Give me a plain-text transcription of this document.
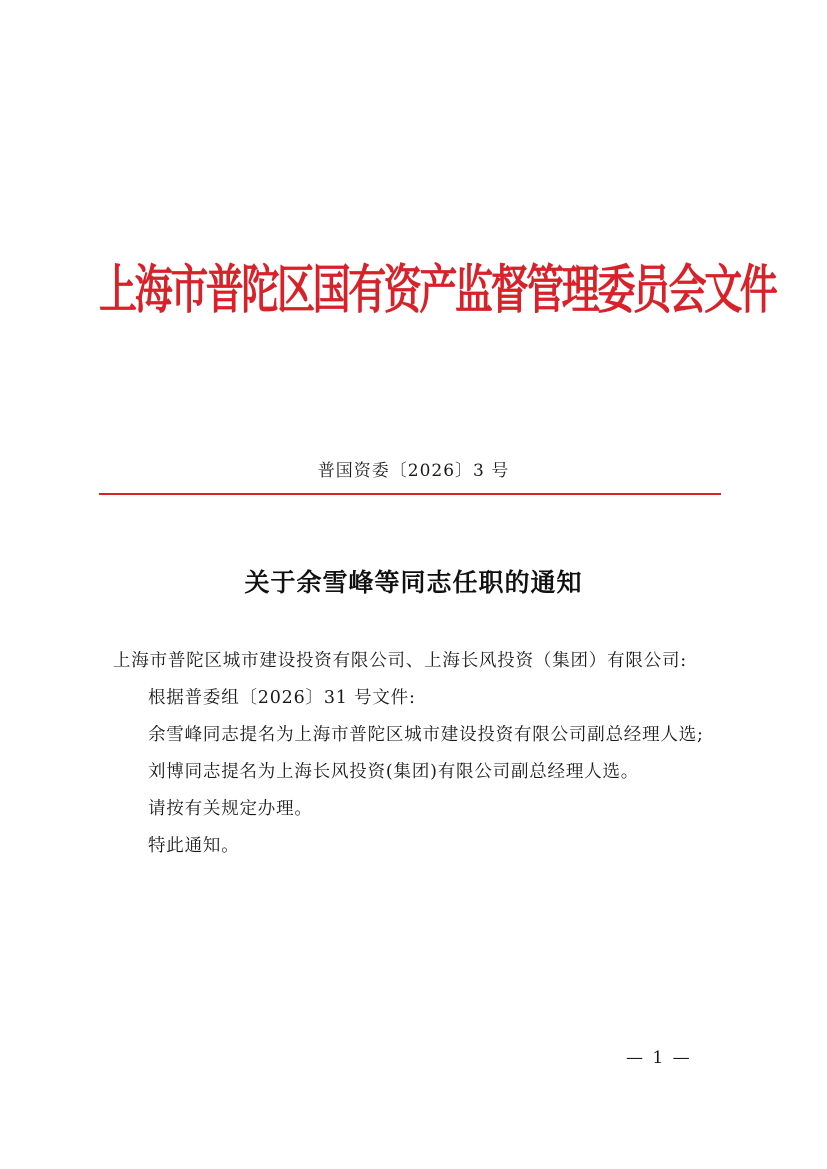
上海市普陀区国有资产监督管理委员会文件
普国资委〔2026〕3 号
关于余雪峰等同志任职的通知

上海市普陀区城市建设投资有限公司、上海长风投资（集团）有限公司:

根据普委组〔2026〕31 号文件:

余雪峰同志提名为上海市普陀区城市建设投资有限公司副总经理人选;

刘博同志提名为上海长风投资(集团)有限公司副总经理人选。

请按有关规定办理。

特此通知。

— 1 —
